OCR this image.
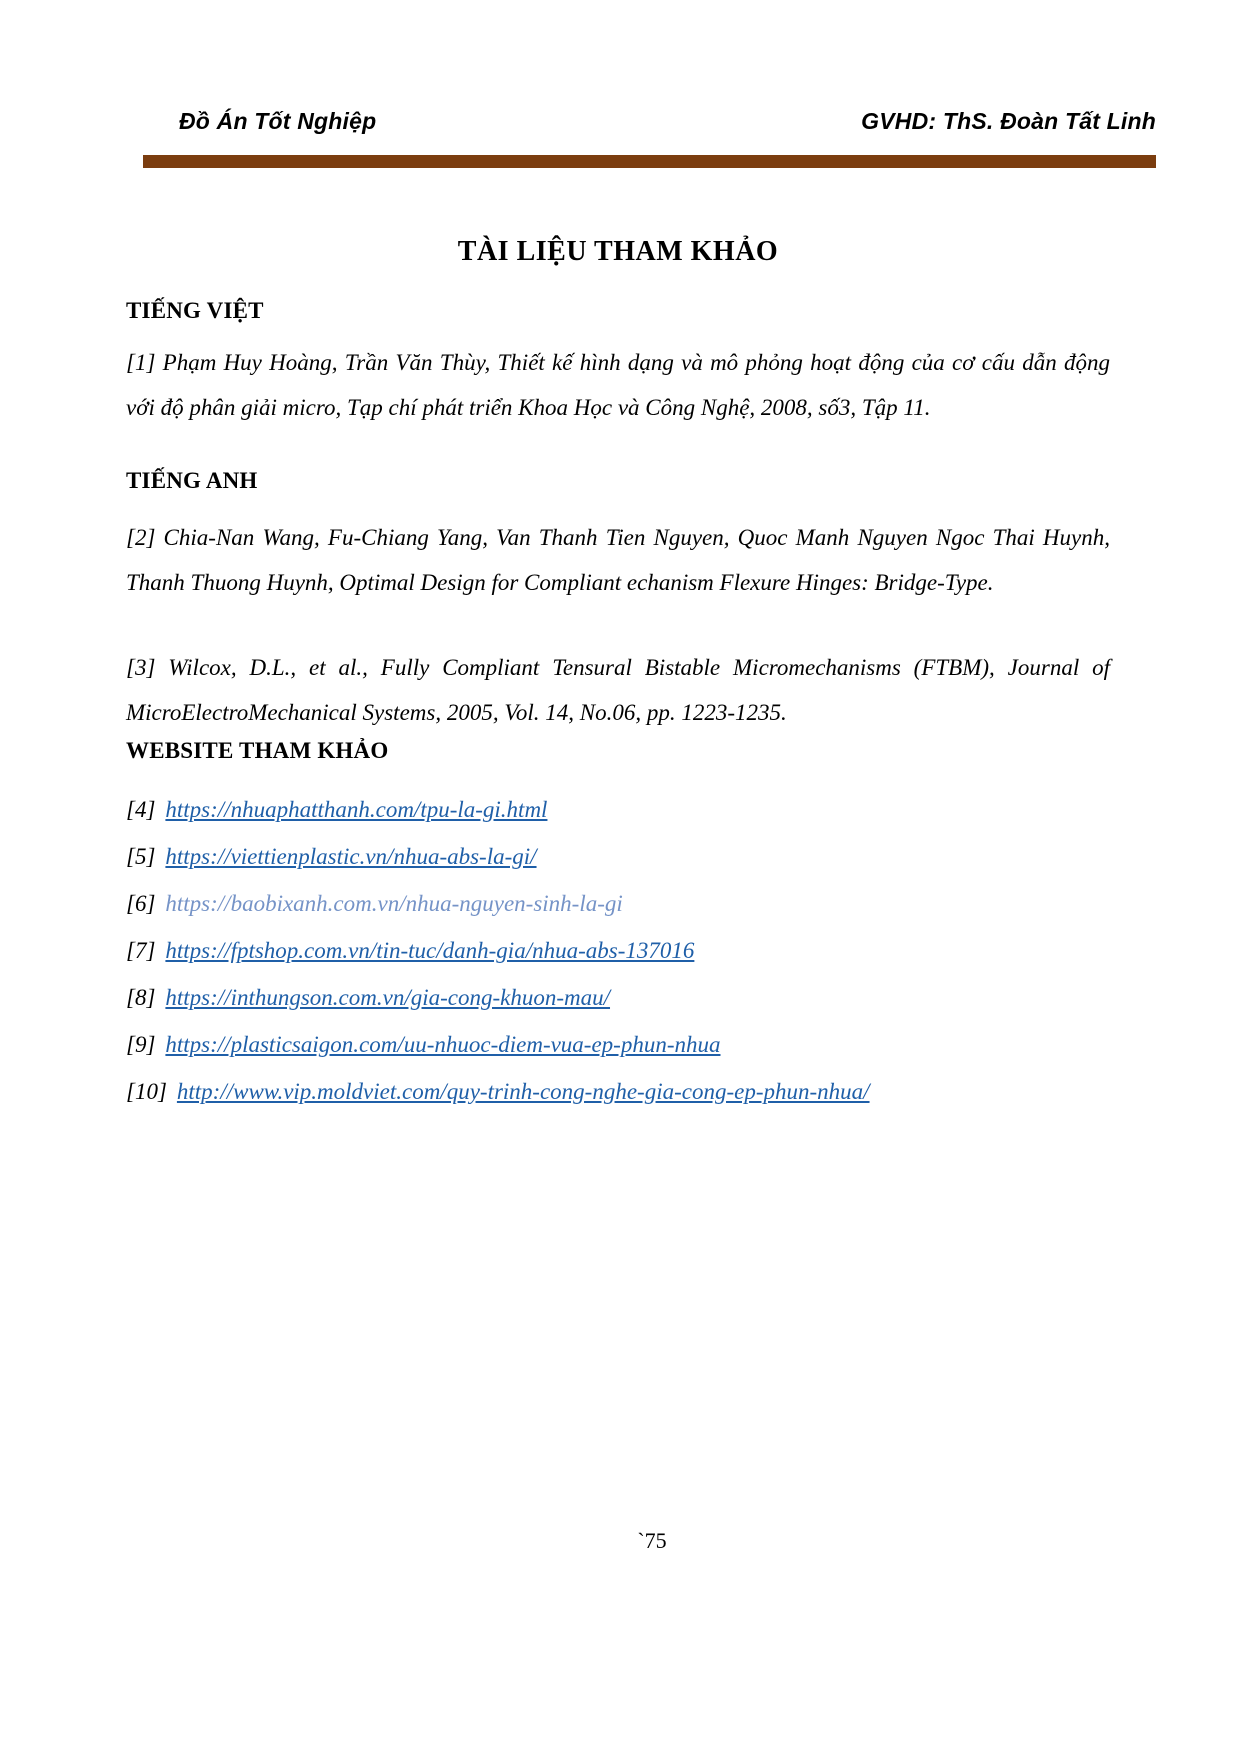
Đồ Án Tốt Nghiệp	GVHD: ThS. Đoàn Tất Linh
TÀI LIỆU THAM KHẢO
TIẾNG VIỆT

[1] Phạm Huy Hoàng, Trần Văn Thùy, Thiết kế hình dạng và mô phỏng hoạt động của cơ cấu dẫn động với độ phân giải micro, Tạp chí phát triển Khoa Học và Công Nghệ, 2008, số3, Tập 11.

TIẾNG ANH

[2] Chia-Nan Wang, Fu-Chiang Yang, Van Thanh Tien Nguyen, Quoc Manh Nguyen Ngoc Thai Huynh, Thanh Thuong Huynh, Optimal Design for Compliant echanism Flexure Hinges: Bridge-Type.

[3] Wilcox, D.L., et al., Fully Compliant Tensural Bistable Micromechanisms (FTBM), Journal of MicroElectroMechanical Systems, 2005, Vol. 14, No.06, pp. 1223-1235.

WEBSITE THAM KHẢO
[4] https://nhuaphatthanh.com/tpu-la-gi.html
[5] https://viettienplastic.vn/nhua-abs-la-gi/
[6] https://baobixanh.com.vn/nhua-nguyen-sinh-la-gi
[7] https://fptshop.com.vn/tin-tuc/danh-gia/nhua-abs-137016
[8] https://inthungson.com.vn/gia-cong-khuon-mau/
[9] https://plasticsaigon.com/uu-nhuoc-diem-vua-ep-phun-nhua
[10] http://www.vip.moldviet.com/quy-trinh-cong-nghe-gia-cong-ep-phun-nhua/
`75
